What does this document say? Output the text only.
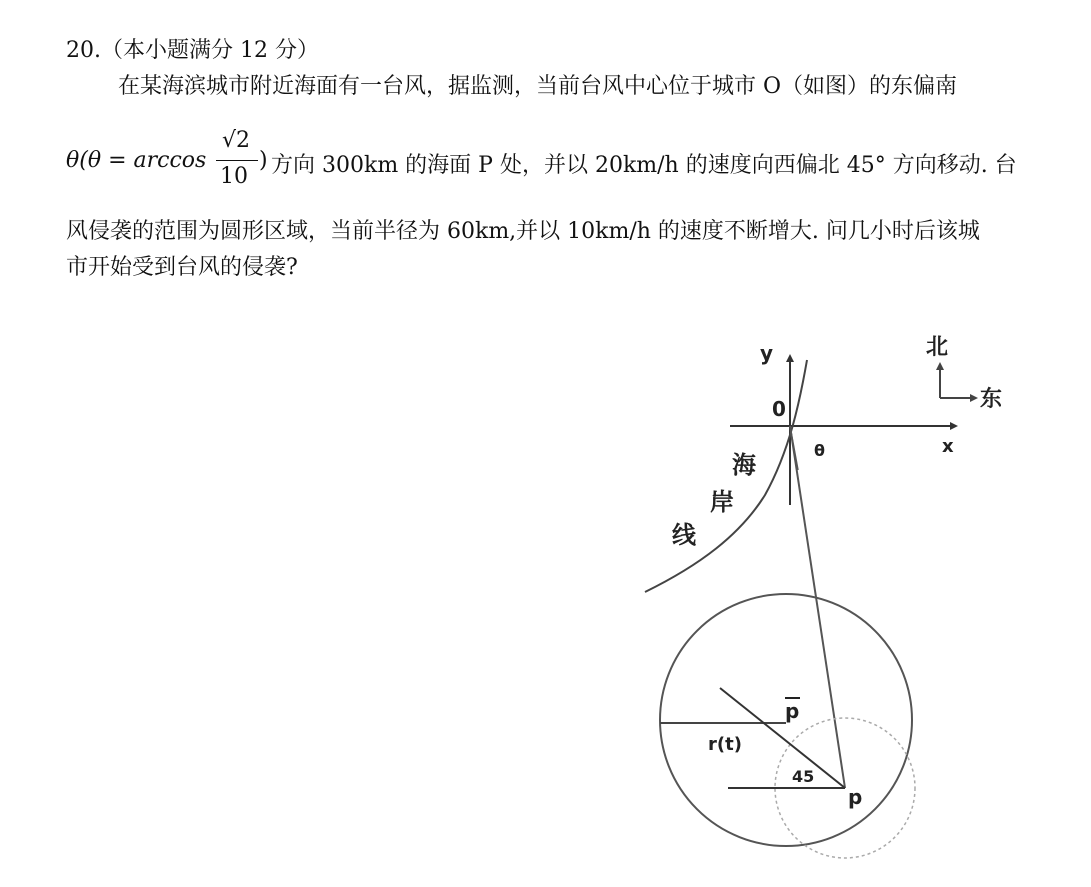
20.（本小题满分 12 分）
在某海滨城市附近海面有一台风，据监测，当前台风中心位于城市 O（如图）的东偏南
θ(θ = arccos
√2
10
) 方向 300km 的海面 P 处，并以 20km/h 的速度向西偏北 45° 方向移动. 台
风侵袭的范围为圆形区域，当前半径为 60km,并以 10km/h 的速度不断增大. 问几小时后该城
市开始受到台风的侵袭?
y
x
0
θ
海
岸
线
北
东
p
r(t)
45
p
